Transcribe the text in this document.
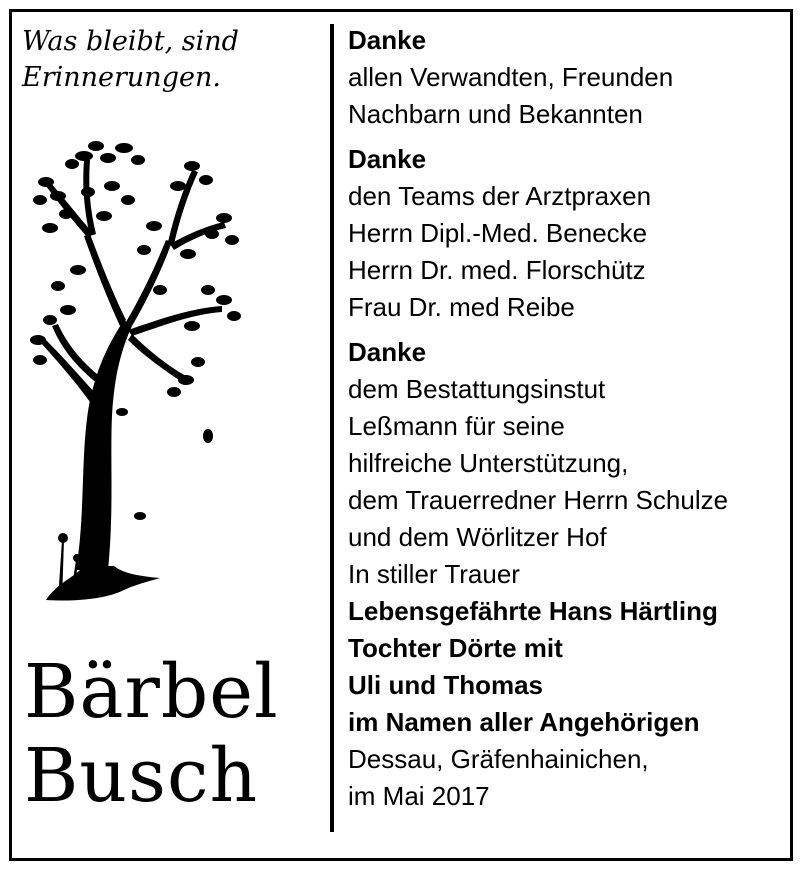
Was bleibt, sind
Erinnerungen.
Bärbel
Busch
Danke
allen Verwandten, Freunden
Nachbarn und Bekannten
Danke
den Teams der Arztpraxen
Herrn Dipl.-Med. Benecke
Herrn Dr. med. Florschütz
Frau Dr. med Reibe
Danke
dem Bestattungsinstut
Leßmann für seine
hilfreiche Unterstützung,
dem Trauerredner Herrn Schulze
und dem Wörlitzer Hof
In stiller Trauer
Lebensgefährte Hans Härtling
Tochter Dörte mit
Uli und Thomas
im Namen aller Angehörigen
Dessau, Gräfenhainichen,
im Mai 2017
